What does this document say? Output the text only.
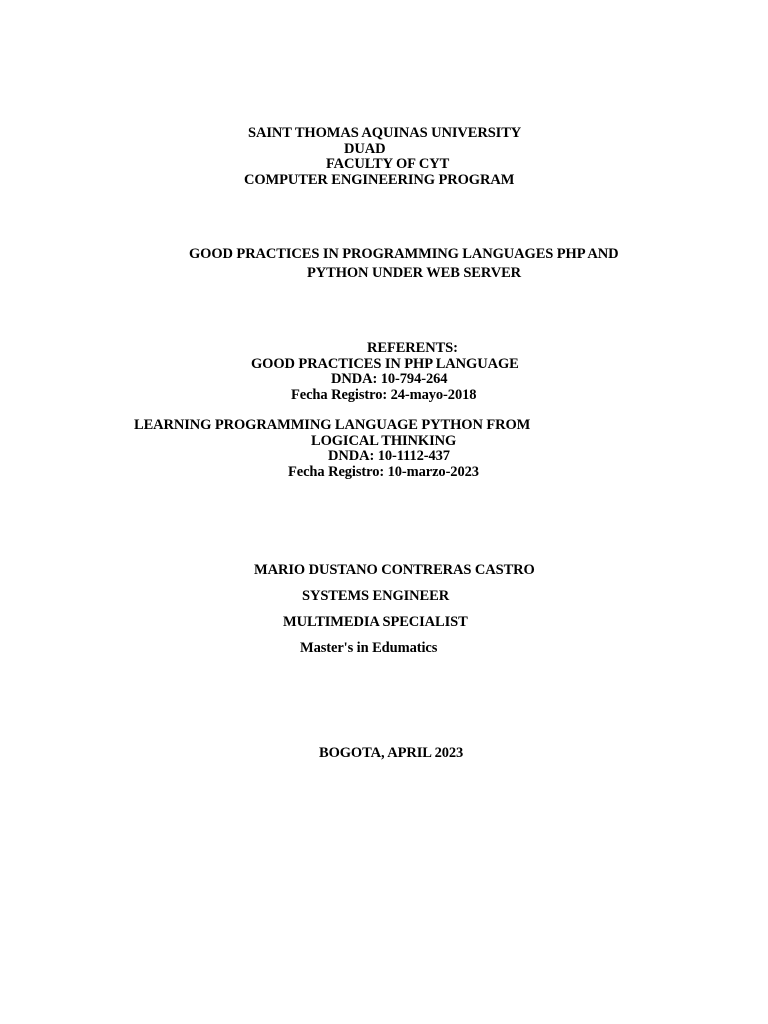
SAINT THOMAS AQUINAS UNIVERSITY
DUAD
FACULTY OF CYT
COMPUTER ENGINEERING PROGRAM
GOOD PRACTICES IN PROGRAMMING LANGUAGES PHP AND
PYTHON UNDER WEB SERVER
REFERENTS:
GOOD PRACTICES IN PHP LANGUAGE
DNDA: 10-794-264
Fecha Registro: 24-mayo-2018
LEARNING PROGRAMMING LANGUAGE PYTHON FROM
LOGICAL THINKING
DNDA: 10-1112-437
Fecha Registro: 10-marzo-2023
MARIO DUSTANO CONTRERAS CASTRO
SYSTEMS ENGINEER
MULTIMEDIA SPECIALIST
Master's in Edumatics
BOGOTA, APRIL 2023
